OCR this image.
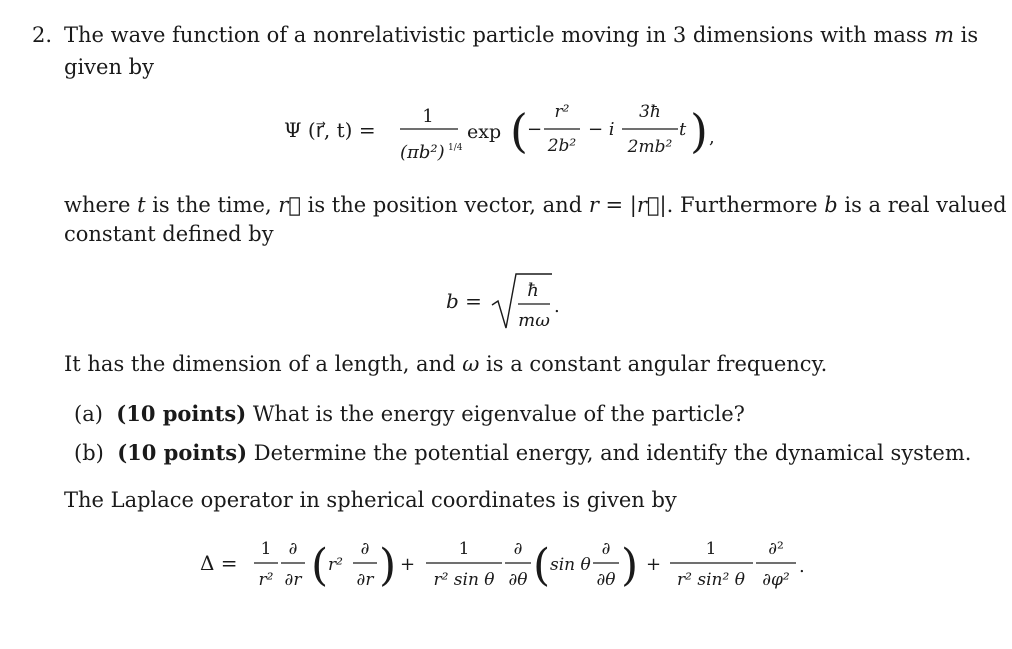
2. The wave function of a nonrelativistic particle moving in 3 dimensions with mass m is
given by
Ψ (r⃗, t) =
1
(πb²) 1/4
exp ( −
r²
2b²
− i
3ħ
2mb²
t ) ,
where t is the time, r⃗ is the position vector, and r = |r⃗|. Furthermore b is a real valued
constant defined by
b =	ħ
mω
.
It has the dimension of a length, and ω is a constant angular frequency.
(a) (10 points) What is the energy eigenvalue of the particle?
(b) (10 points) Determine the potential energy, and identify the dynamical system.
The Laplace operator in spherical coordinates is given by
Δ =
1
r²
∂
∂r ( r²
∂
∂r ) +
1
r² sin θ
∂
∂θ ( sin θ
∂
∂θ ) +
1
r² sin² θ
∂²
∂φ²
.
